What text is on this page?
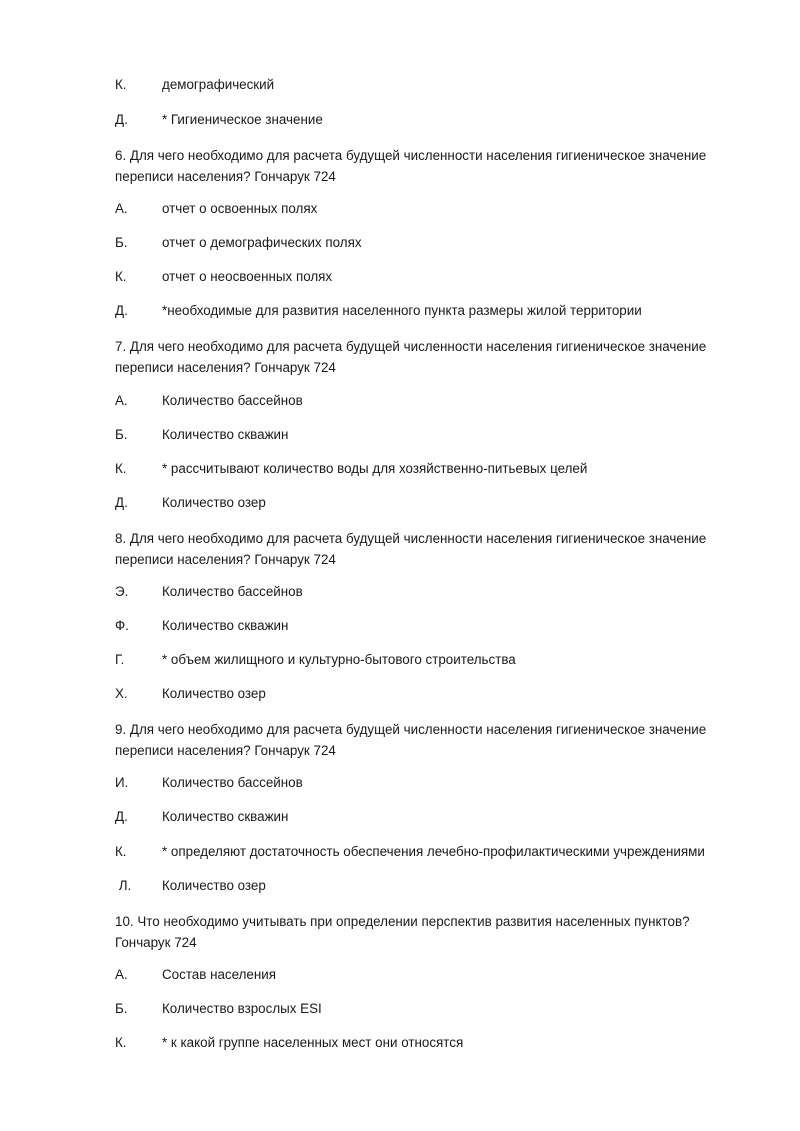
К.	демографический
Д.	* Гигиеническое значение
6. Для чего необходимо для расчета будущей численности населения гигиеническое значение переписи населения? Гончарук 724
А.	отчет о освоенных полях
Б.	отчет о демографических полях
К.	отчет о неосвоенных полях
Д.	*необходимые для развития населенного пункта размеры жилой территории
7. Для чего необходимо для расчета будущей численности населения гигиеническое значение переписи населения? Гончарук 724
А.	Количество бассейнов
Б.	Количество скважин
К.	* рассчитывают количество воды для хозяйственно-питьевых целей
Д.	Количество озер
8. Для чего необходимо для расчета будущей численности населения гигиеническое значение переписи населения? Гончарук 724
Э.	Количество бассейнов
Ф. Количество скважин
Г.	* объем жилищного и культурно-бытового строительства
Х.	Количество озер
9. Для чего необходимо для расчета будущей численности населения гигиеническое значение переписи населения? Гончарук 724
И.	Количество бассейнов
Д.	Количество скважин
К.	* определяют достаточность обеспечения лечебно-профилактическими учреждениями
Л. Количество озер
10. Что необходимо учитывать при определении перспектив развития населенных пунктов? Гончарук 724
А.	Состав населения
Б.	Количество взрослых ESI
К.	* к какой группе населенных мест они относятся
